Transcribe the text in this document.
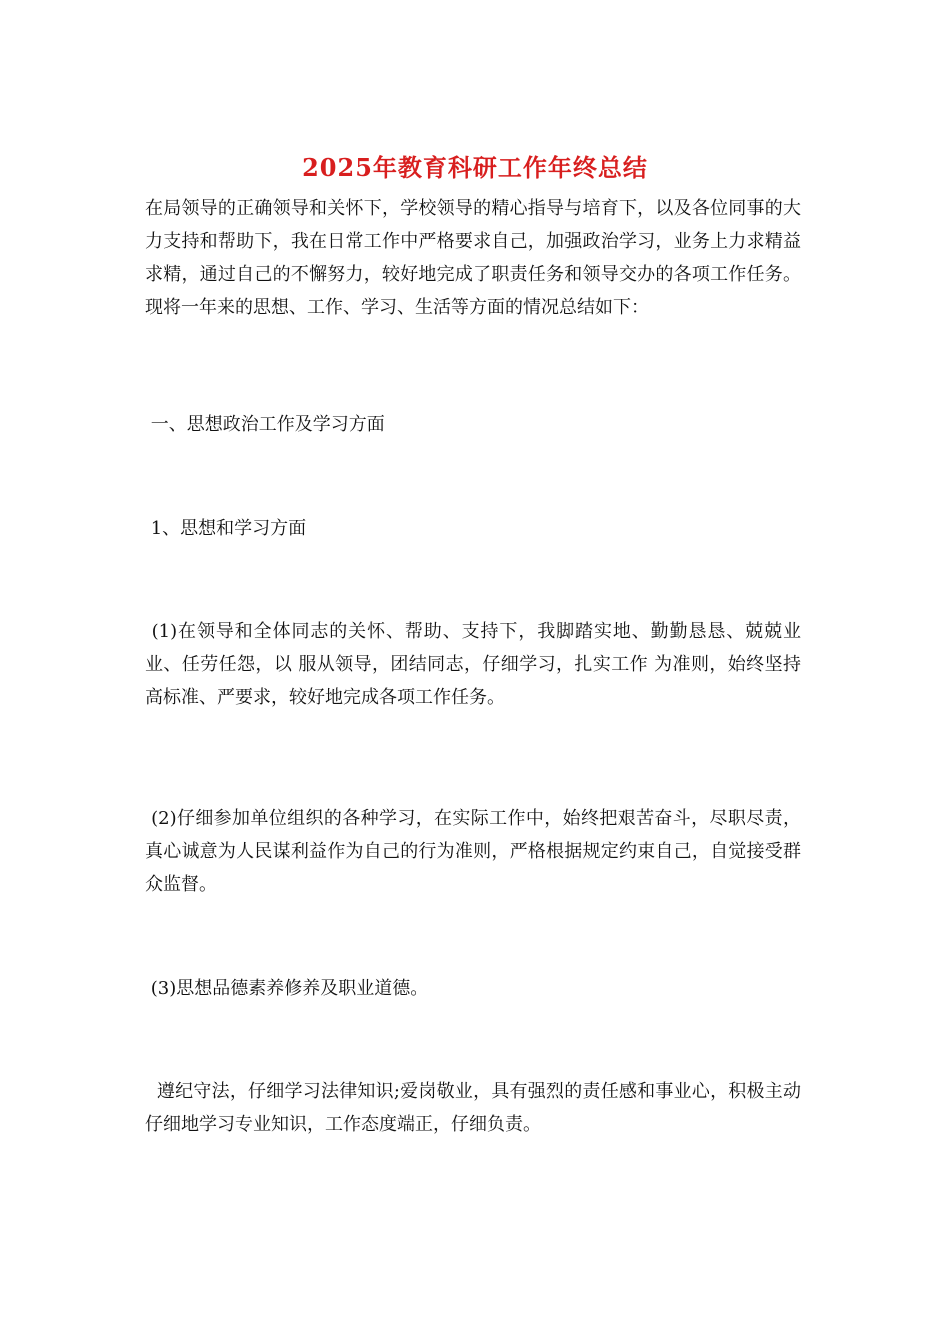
2025年教育科研工作年终总结

在局领导的正确领导和关怀下，学校领导的精心指导与培育下，以及各位同事的大力支持和帮助下，我在日常工作中严格要求自己，加强政治学习，业务上力求精益求精，通过自己的不懈努力，较好地完成了职责任务和领导交办的各项工作任务。现将一年来的思想、工作、学习、生活等方面的情况总结如下：

一、思想政治工作及学习方面

1、思想和学习方面

(1)在领导和全体同志的关怀、帮助、支持下，我脚踏实地、勤勤恳恳、兢兢业业、任劳任怨，以 服从领导，团结同志，仔细学习，扎实工作 为准则，始终坚持高标准、严要求，较好地完成各项工作任务。

(2)仔细参加单位组织的各种学习，在实际工作中，始终把艰苦奋斗，尽职尽责，真心诚意为人民谋利益作为自己的行为准则，严格根据规定约束自己，自觉接受群众监督。

(3)思想品德素养修养及职业道德。

遵纪守法，仔细学习法律知识;爱岗敬业，具有强烈的责任感和事业心，积极主动仔细地学习专业知识，工作态度端正，仔细负责。
